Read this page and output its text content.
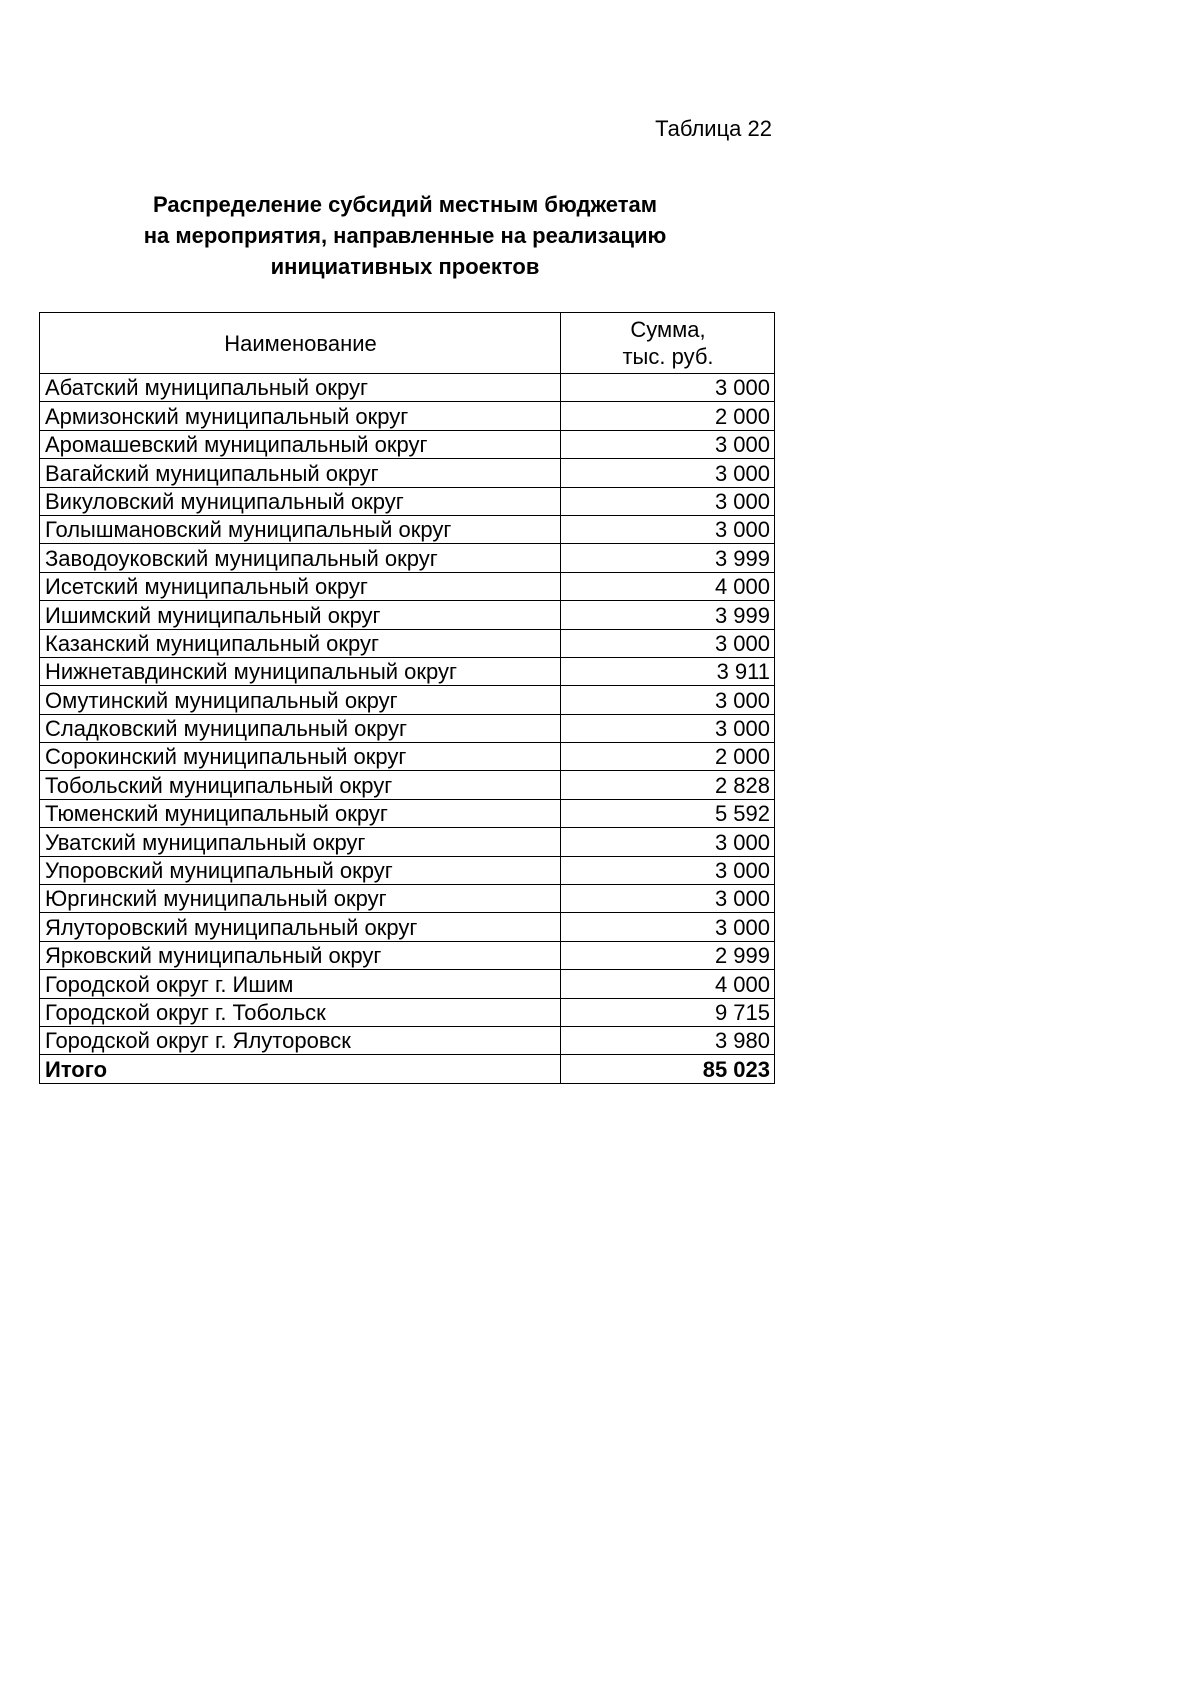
Таблица 22
Распределение субсидий местным бюджетам
на мероприятия, направленные на реализацию
инициативных проектов
Наименование	Сумма,
тыс. руб.

Абатский муниципальный округ	3 000
Армизонский муниципальный округ	2 000
Аромашевский муниципальный округ	3 000
Вагайский муниципальный округ	3 000
Викуловский муниципальный округ	3 000
Голышмановский муниципальный округ	3 000
Заводоуковский муниципальный округ	3 999
Исетский муниципальный округ	4 000
Ишимский муниципальный округ	3 999
Казанский муниципальный округ	3 000
Нижнетавдинский муниципальный округ	3 911
Омутинский муниципальный округ	3 000
Сладковский муниципальный округ	3 000
Сорокинский муниципальный округ	2 000
Тобольский муниципальный округ	2 828
Тюменский муниципальный округ	5 592
Уватский муниципальный округ	3 000
Упоровский муниципальный округ	3 000
Юргинский муниципальный округ	3 000
Ялуторовский муниципальный округ	3 000
Ярковский муниципальный округ	2 999
Городской округ г. Ишим	4 000
Городской округ г. Тобольск	9 715
Городской округ г. Ялуторовск	3 980
Итого	85 023
